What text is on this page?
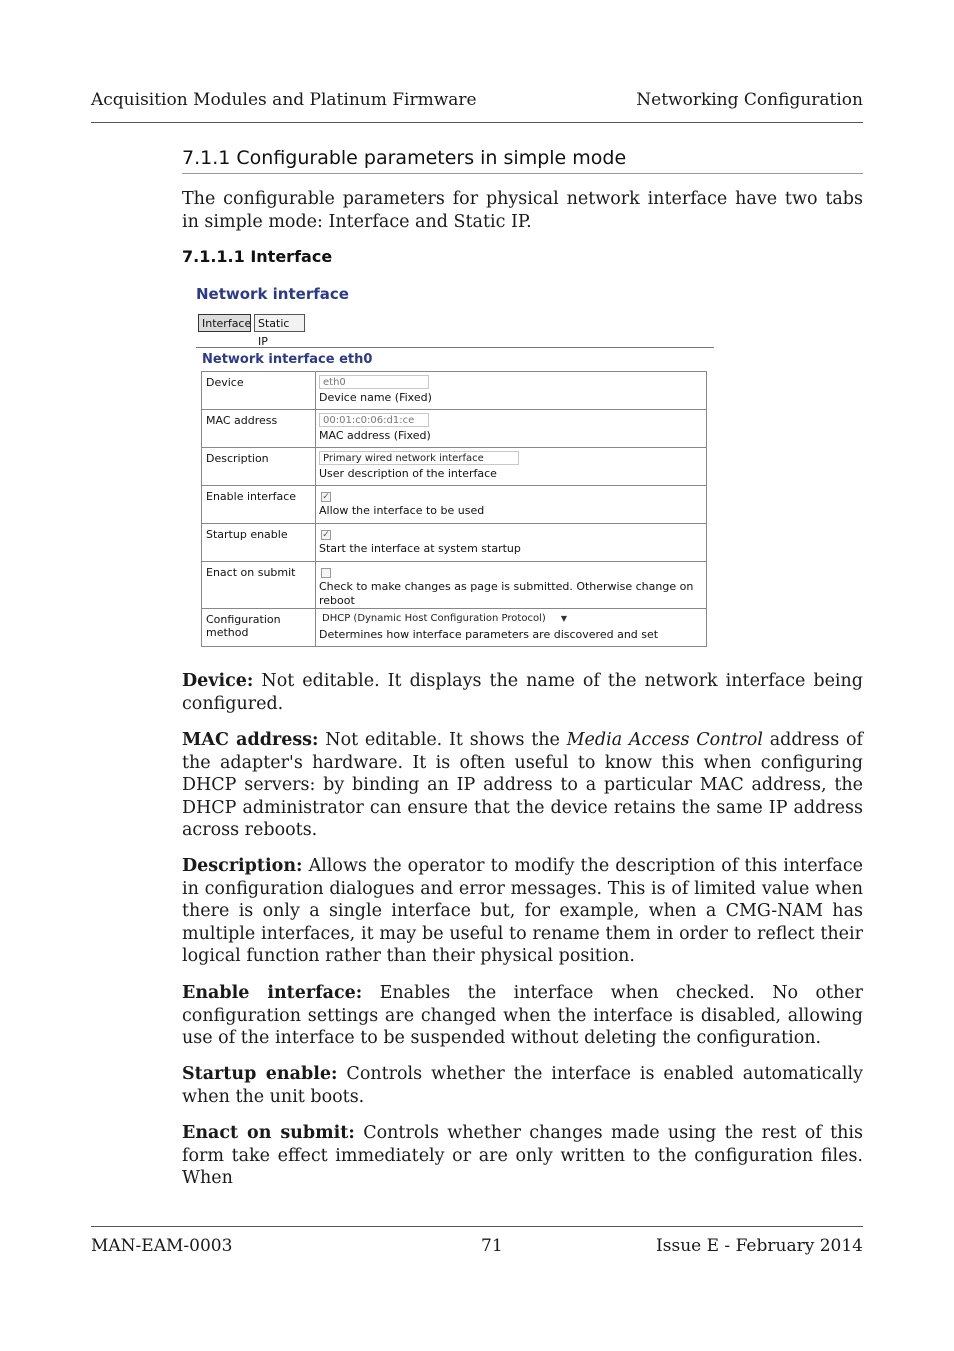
Acquisition Modules and Platinum Firmware	Networking Configuration
7.1.1 Configurable parameters in simple mode

The configurable parameters for physical network interface have two tabs in simple mode: Interface and Static IP.

7.1.1.1 Interface
Network interface
Interface Static IP
Network interface eth0
Device	eth0
Device name (Fixed)

MAC address	00:01:c0:06:d1:ce
MAC address (Fixed)

Description	Primary wired network interface
User description of the interface

Enable interface	✓
Allow the interface to be used

Startup enable	✓
Start the interface at system startup

Enact on submit	Check to make changes as page is submitted. Otherwise change on reboot

Configuration method	DHCP (Dynamic Host Configuration Protocol) ▼
Determines how interface parameters are discovered and set

Device: Not editable. It displays the name of the network interface being configured.

MAC address: Not editable. It shows the Media Access Control address of the adapter's hardware. It is often useful to know this when configuring DHCP servers: by binding an IP address to a particular MAC address, the DHCP administrator can ensure that the device retains the same IP address across reboots.

Description: Allows the operator to modify the description of this interface in configuration dialogues and error messages. This is of limited value when there is only a single interface but, for example, when a CMG-NAM has multiple interfaces, it may be useful to rename them in order to reflect their logical function rather than their physical position.

Enable interface: Enables the interface when checked. No other configuration settings are changed when the interface is disabled, allowing use of the interface to be suspended without deleting the configuration.

Startup enable: Controls whether the interface is enabled automatically when the unit boots.

Enact on submit: Controls whether changes made using the rest of this form take effect immediately or are only written to the configuration files. When

MAN-EAM-0003	71	Issue E - February 2014
